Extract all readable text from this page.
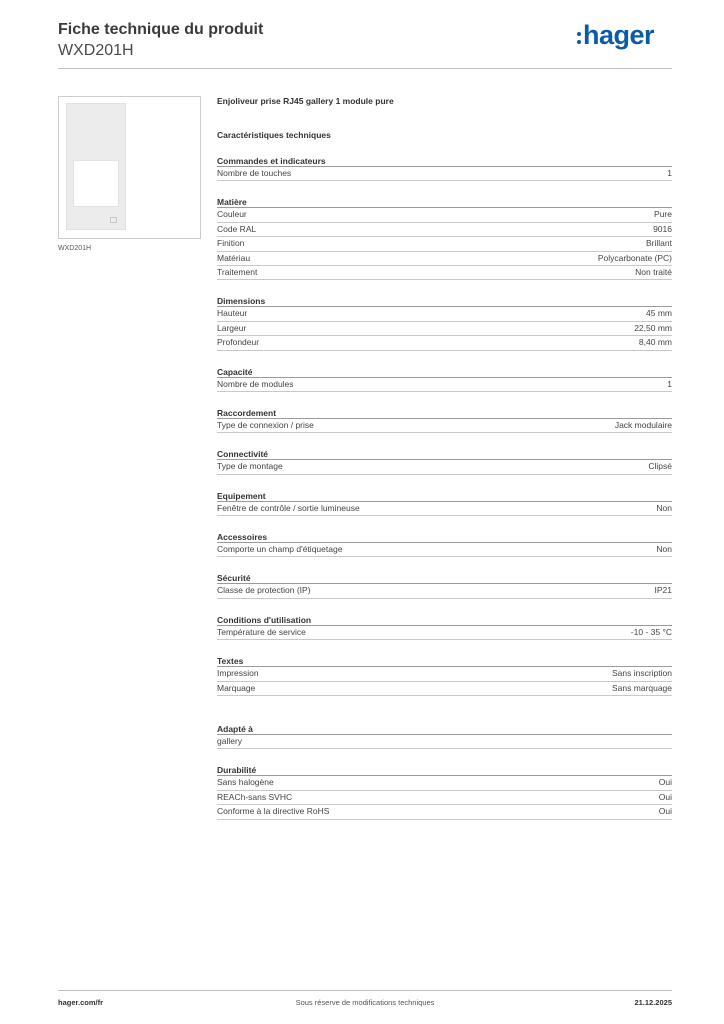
Fiche technique du produit
WXD201H
hager
WXD201H
Enjoliveur prise RJ45 gallery 1 module pure
Caractéristiques techniques
Commandes et indicateurs
Nombre de touches	1
Matière
Couleur	Pure
Code RAL	9016
Finition	Brillant
Matériau	Polycarbonate (PC)
Traitement	Non traité
Dimensions
Hauteur	45 mm
Largeur	22,50 mm
Profondeur	8,40 mm
Capacité
Nombre de modules	1
Raccordement
Type de connexion / prise	Jack modulaire
Connectivité
Type de montage	Clipsé
Equipement
Fenêtre de contrôle / sortie lumineuse	Non
Accessoires
Comporte un champ d'étiquetage	Non
Sécurité
Classe de protection (IP)	IP21
Conditions d'utilisation
Température de service	-10 - 35 °C
Textes
Impression	Sans inscription
Marquage	Sans marquage
Adapté à
gallery
Durabilité
Sans halogène	Oui
REACh-sans SVHC	Oui
Conforme à la directive RoHS	Oui
hager.com/fr	Sous réserve de modifications techniques	21.12.2025
